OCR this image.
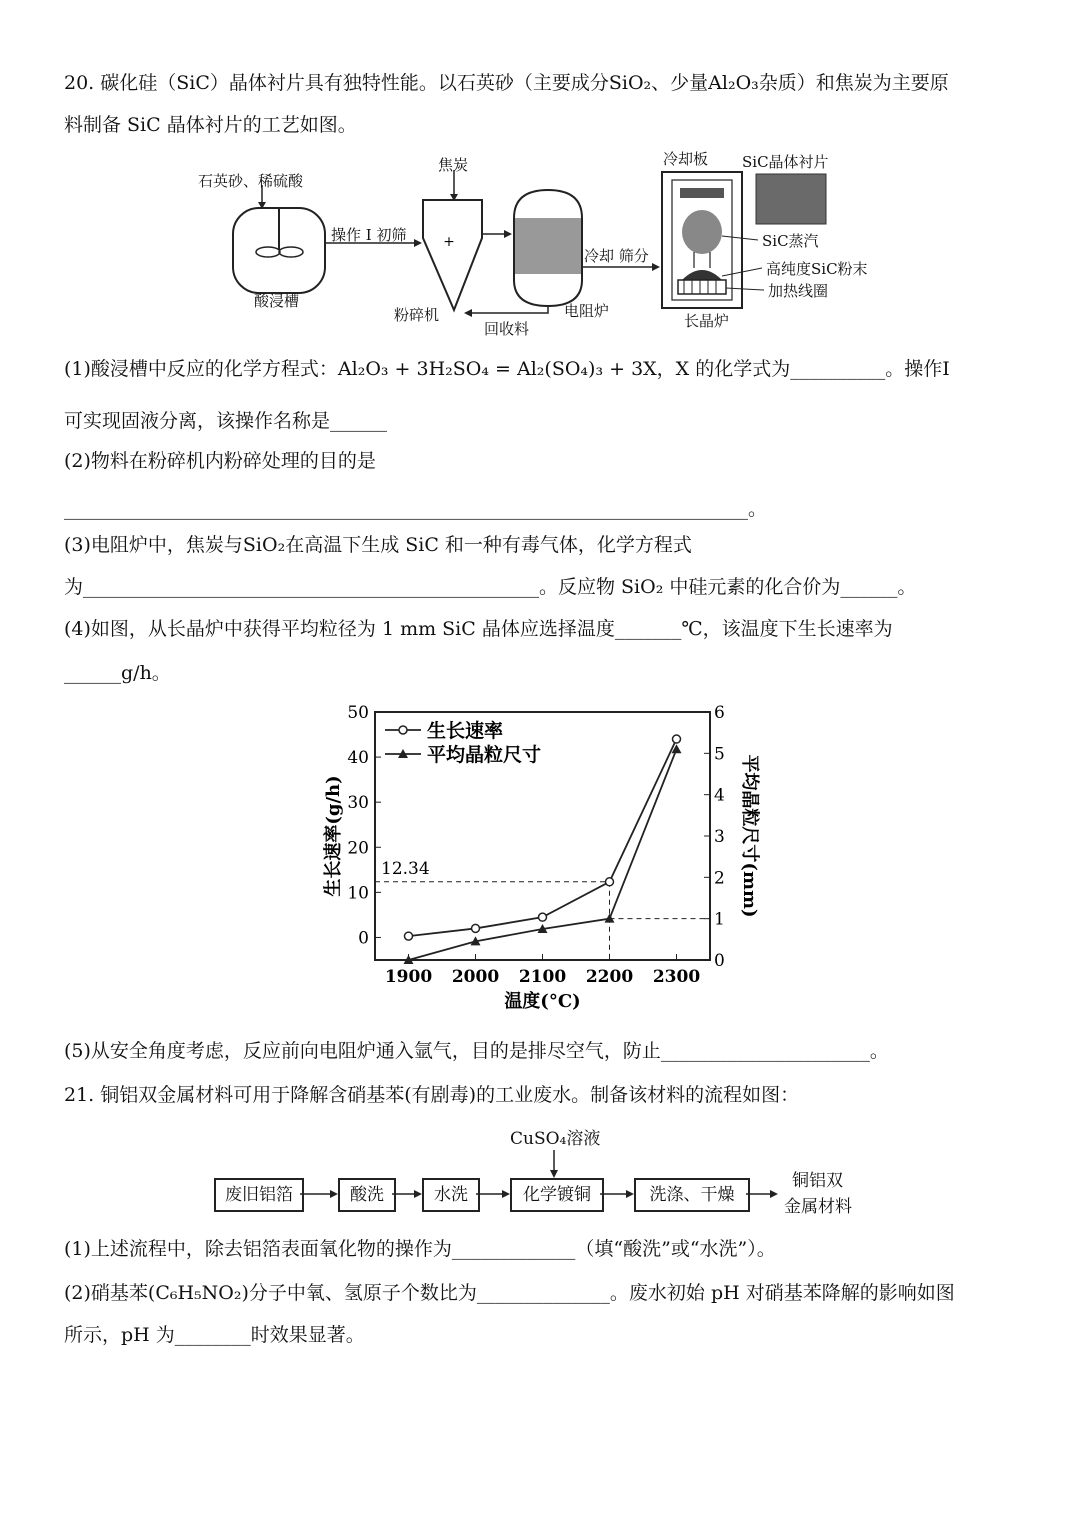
20. 碳化硅（SiC）晶体衬片具有独特性能。以石英砂（主要成分SiO₂、少量Al₂O₃杂质）和焦炭为主要原
料制备 SiC 晶体衬片的工艺如图。
+
石英砂、稀硫酸
酸浸槽
操作 I 初筛
焦炭
粉碎机
回收料
电阻炉
冷却 筛分
冷却板 SiC晶体衬片
SiC蒸汽
高纯度SiC粉末
加热线圈
长晶炉
(1)酸浸槽中反应的化学方程式：Al₂O₃ + 3H₂SO₄ = Al₂(SO₄)₃ + 3X，X 的化学式为__________。操作I
可实现固液分离，该操作名称是______
(2)物料在粉碎机内粉碎处理的目的是
________________________________________________________________________。
(3)电阻炉中，焦炭与SiO₂在高温下生成 SiC 和一种有毒气体，化学方程式
为________________________________________________。反应物 SiO₂ 中硅元素的化合价为______。
(4)如图，从长晶炉中获得平均粒径为 1 mm SiC 晶体应选择温度_______℃，该温度下生长速率为
______g/h。
0
10
20
30
40
50
0
1
2
3
4
5
6
1900 2000 2100 2200 2300
温度(°C)
生长速率(g/h)	平均晶粒尺寸(mm)
12.34
生长速率
平均晶粒尺寸
(5)从安全角度考虑，反应前向电阻炉通入氩气，目的是排尽空气，防止______________________。
21. 铜铝双金属材料可用于降解含硝基苯(有剧毒)的工业废水。制备该材料的流程如图：
CuSO₄溶液
废旧铝箔	酸洗	水洗	化学镀铜	洗涤、干燥
铜铝双
金属材料
(1)上述流程中，除去铝箔表面氧化物的操作为_____________（填“酸洗”或“水洗”）。
(2)硝基苯(C₆H₅NO₂)分子中氧、氢原子个数比为______________。废水初始 pH 对硝基苯降解的影响如图
所示，pH 为________时效果显著。
